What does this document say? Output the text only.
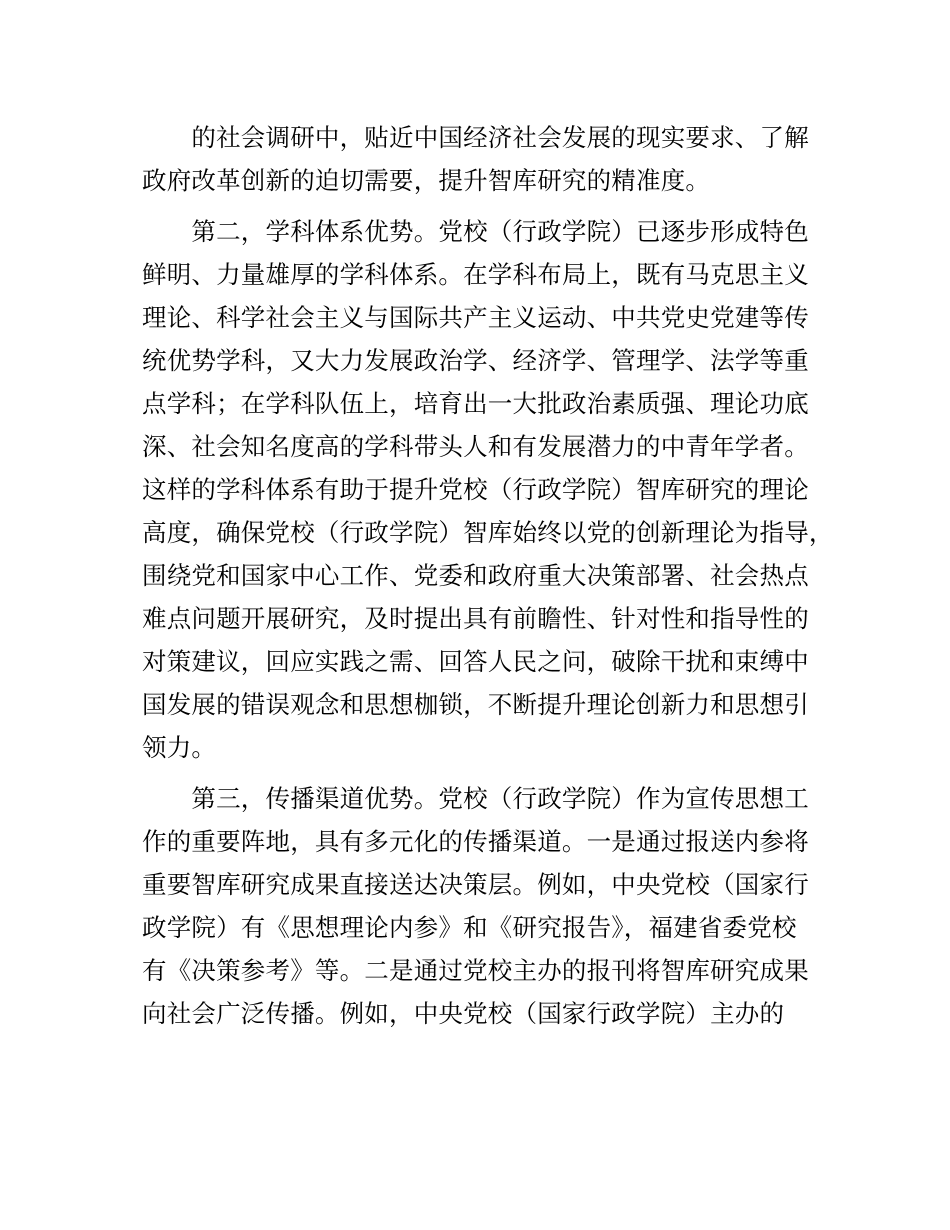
　　的社会调研中，贴近中国经济社会发展的现实要求、了解
政府改革创新的迫切需要，提升智库研究的精准度。

　　第二，学科体系优势。党校（行政学院）已逐步形成特色
鲜明、力量雄厚的学科体系。在学科布局上，既有马克思主义
理论、科学社会主义与国际共产主义运动、中共党史党建等传
统优势学科，又大力发展政治学、经济学、管理学、法学等重
点学科；在学科队伍上，培育出一大批政治素质强、理论功底
深、社会知名度高的学科带头人和有发展潜力的中青年学者。
这样的学科体系有助于提升党校（行政学院）智库研究的理论
高度，确保党校（行政学院）智库始终以党的创新理论为指导，
围绕党和国家中心工作、党委和政府重大决策部署、社会热点
难点问题开展研究，及时提出具有前瞻性、针对性和指导性的
对策建议，回应实践之需、回答人民之问，破除干扰和束缚中
国发展的错误观念和思想枷锁，不断提升理论创新力和思想引
领力。

　　第三，传播渠道优势。党校（行政学院）作为宣传思想工
作的重要阵地，具有多元化的传播渠道。一是通过报送内参将
重要智库研究成果直接送达决策层。例如，中央党校（国家行
政学院）有《思想理论内参》和《研究报告》，福建省委党校
有《决策参考》等。二是通过党校主办的报刊将智库研究成果
向社会广泛传播。例如，中央党校（国家行政学院）主办的
